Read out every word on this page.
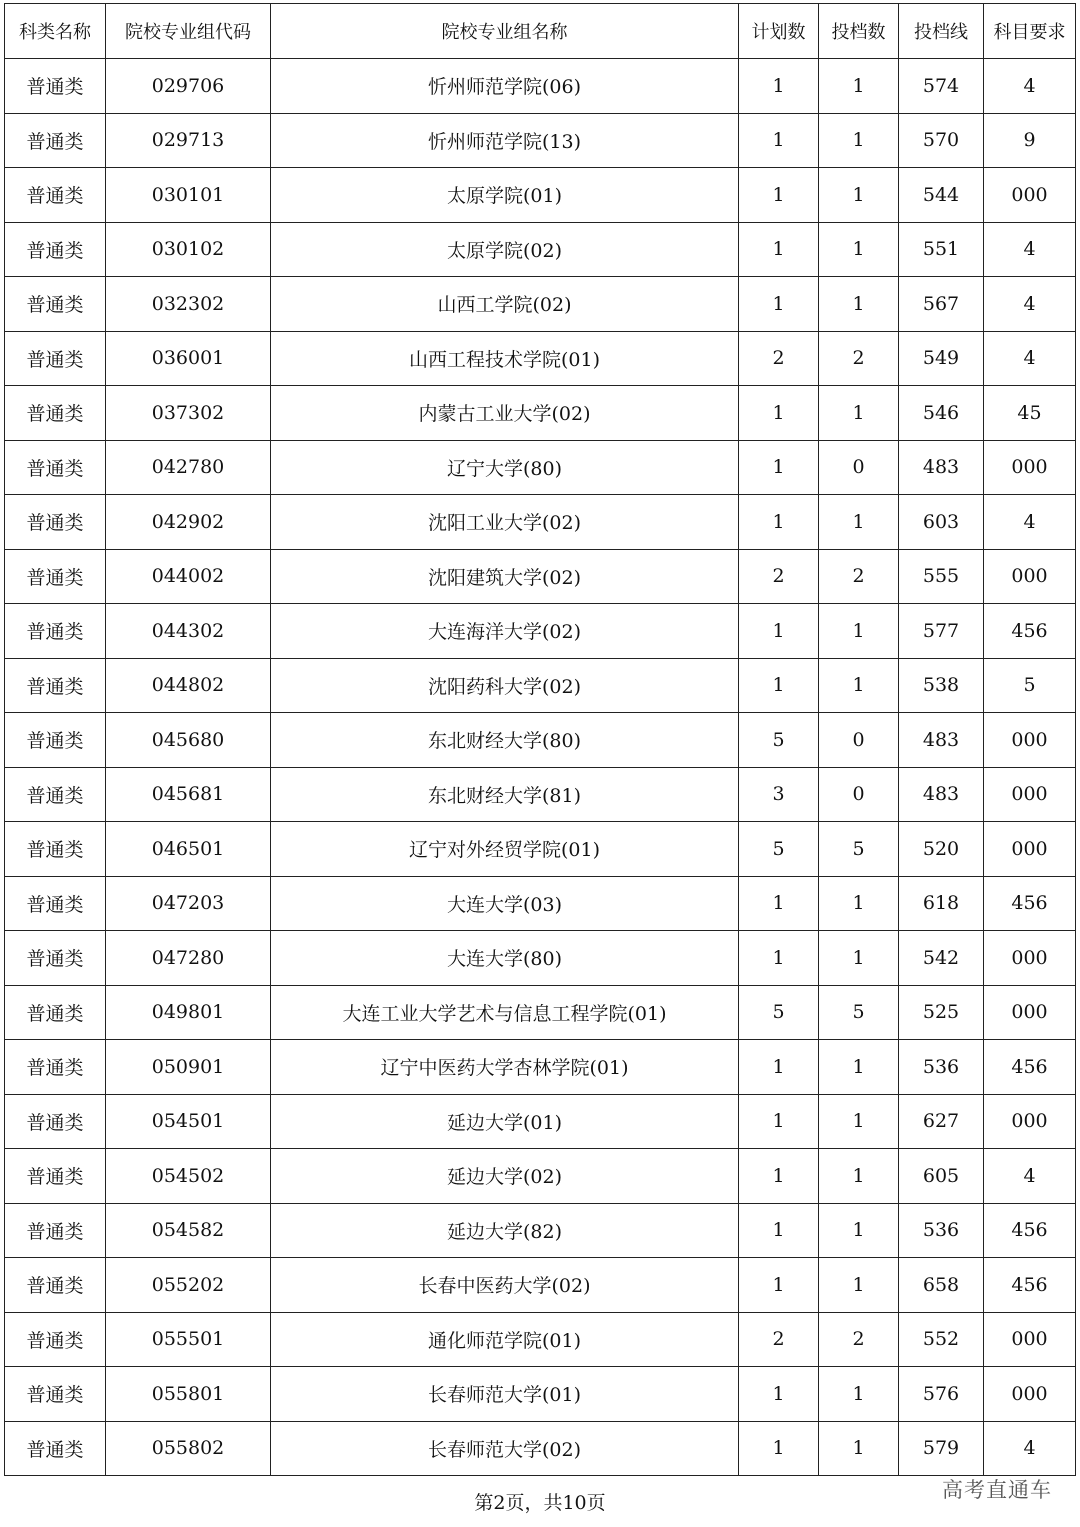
科类名称	院校专业组代码	院校专业组名称	计划数	投档数	投档线	科目要求
普通类	029706	忻州师范学院(06)	1	1	574	4
普通类	029713	忻州师范学院(13)	1	1	570	9
普通类	030101	太原学院(01)	1	1	544	000
普通类	030102	太原学院(02)	1	1	551	4
普通类	032302	山西工学院(02)	1	1	567	4
普通类	036001	山西工程技术学院(01)	2	2	549	4
普通类	037302	内蒙古工业大学(02)	1	1	546	45
普通类	042780	辽宁大学(80)	1	0	483	000
普通类	042902	沈阳工业大学(02)	1	1	603	4
普通类	044002	沈阳建筑大学(02)	2	2	555	000
普通类	044302	大连海洋大学(02)	1	1	577	456
普通类	044802	沈阳药科大学(02)	1	1	538	5
普通类	045680	东北财经大学(80)	5	0	483	000
普通类	045681	东北财经大学(81)	3	0	483	000
普通类	046501	辽宁对外经贸学院(01)	5	5	520	000
普通类	047203	大连大学(03)	1	1	618	456
普通类	047280	大连大学(80)	1	1	542	000
普通类	049801	大连工业大学艺术与信息工程学院(01)	5	5	525	000
普通类	050901	辽宁中医药大学杏林学院(01)	1	1	536	456
普通类	054501	延边大学(01)	1	1	627	000
普通类	054502	延边大学(02)	1	1	605	4
普通类	054582	延边大学(82)	1	1	536	456
普通类	055202	长春中医药大学(02)	1	1	658	456
普通类	055501	通化师范学院(01)	2	2	552	000
普通类	055801	长春师范大学(01)	1	1	576	000
普通类	055802	长春师范大学(02)	1	1	579	4
第2页，共10页
高考直通车
